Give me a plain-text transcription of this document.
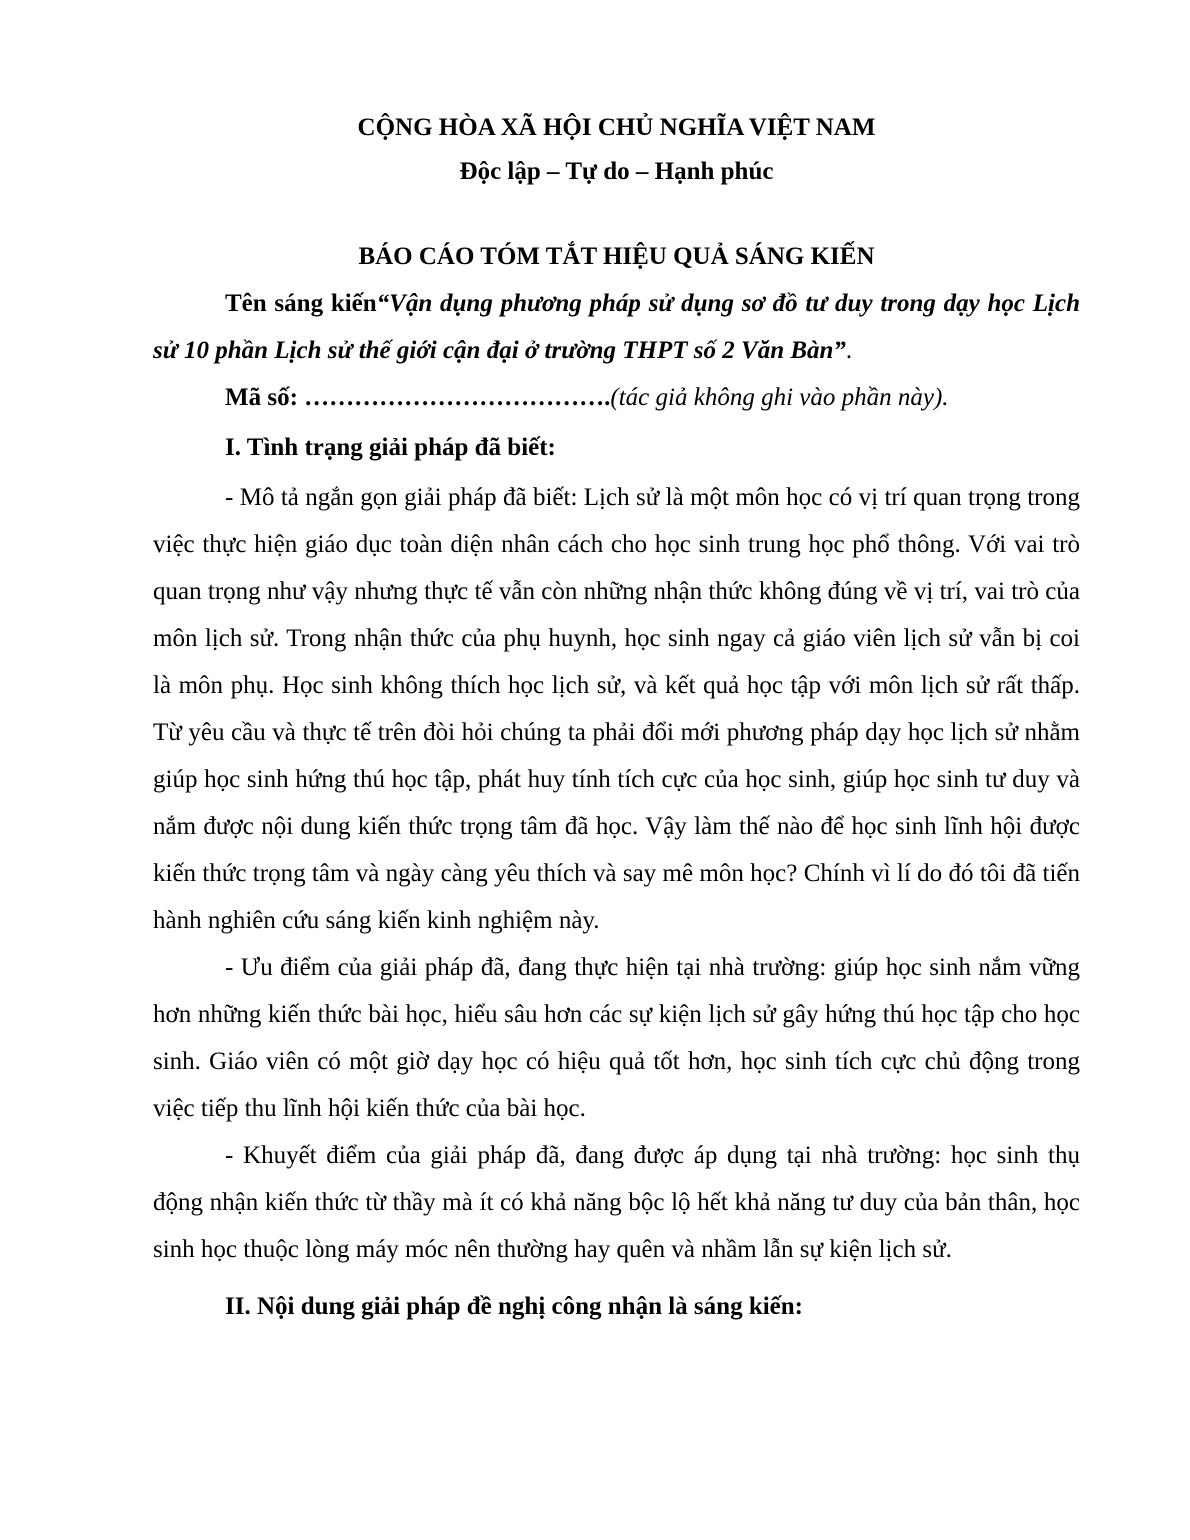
CỘNG HÒA XÃ HỘI CHỦ NGHĨA VIỆT NAM
Độc lập – Tự do – Hạnh phúc
BÁO CÁO TÓM TẮT HIỆU QUẢ SÁNG KIẾN

Tên sáng kiến“Vận dụng phương pháp sử dụng sơ đồ tư duy trong dạy học Lịch sử 10 phần Lịch sử thế giới cận đại ở trường THPT số 2 Văn Bàn”.

Mã số: ……………………………….(tác giả không ghi vào phần này).

I. Tình trạng giải pháp đã biết:

- Mô tả ngắn gọn giải pháp đã biết: Lịch sử là một môn học có vị trí quan trọng trong việc thực hiện giáo dục toàn diện nhân cách cho học sinh trung học phổ thông. Với vai trò quan trọng như vậy nhưng thực tế vẫn còn những nhận thức không đúng về vị trí, vai trò của môn lịch sử. Trong nhận thức của phụ huynh, học sinh ngay cả giáo viên lịch sử vẫn bị coi là môn phụ. Học sinh không thích học lịch sử, và kết quả học tập với môn lịch sử rất thấp. Từ yêu cầu và thực tế trên đòi hỏi chúng ta phải đổi mới phương pháp dạy học lịch sử nhằm giúp học sinh hứng thú học tập, phát huy tính tích cực của học sinh, giúp học sinh tư duy và nắm được nội dung kiến thức trọng tâm đã học. Vậy làm thế nào để học sinh lĩnh hội được kiến thức trọng tâm và ngày càng yêu thích và say mê môn học? Chính vì lí do đó tôi đã tiến hành nghiên cứu sáng kiến kinh nghiệm này.

- Ưu điểm của giải pháp đã, đang thực hiện tại nhà trường: giúp học sinh nắm vững hơn những kiến thức bài học, hiểu sâu hơn các sự kiện lịch sử gây hứng thú học tập cho học sinh. Giáo viên có một giờ dạy học có hiệu quả tốt hơn, học sinh tích cực chủ động trong việc tiếp thu lĩnh hội kiến thức của bài học.

- Khuyết điểm của giải pháp đã, đang được áp dụng tại nhà trường: học sinh thụ động nhận kiến thức từ thầy mà ít có khả năng bộc lộ hết khả năng tư duy của bản thân, học sinh học thuộc lòng máy móc nên thường hay quên và nhầm lẫn sự kiện lịch sử.

II. Nội dung giải pháp đề nghị công nhận là sáng kiến:
